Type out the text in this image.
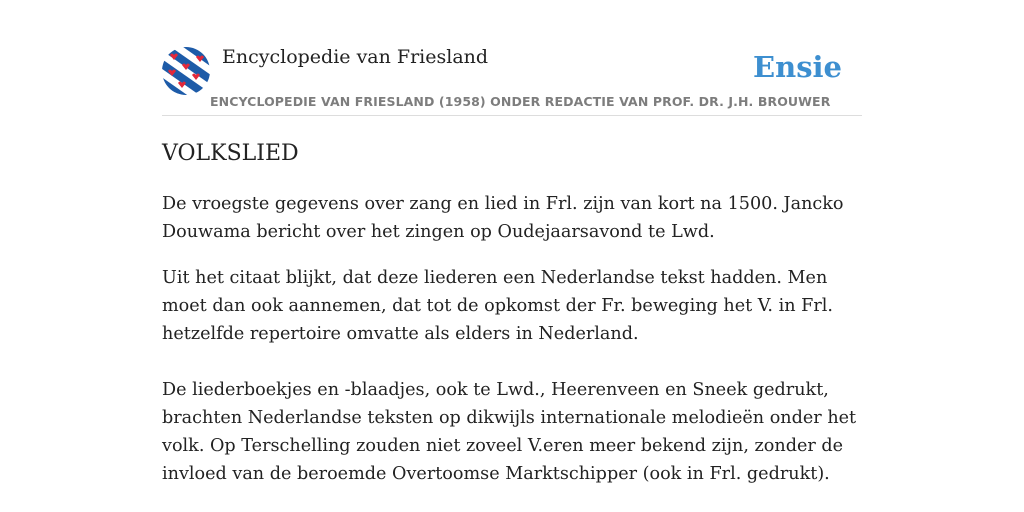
Encyclopedie van Friesland	Ensie
ENCYCLOPEDIE VAN FRIESLAND (1958) ONDER REDACTIE VAN PROF. DR. J.H. BROUWER
VOLKSLIED

De vroegste gegevens over zang en lied in Frl. zijn van kort na 1500. Jancko Douwama bericht over het zingen op Oudejaarsavond te Lwd.

Uit het citaat blijkt, dat deze liederen een Nederlandse tekst hadden. Men moet dan ook aannemen, dat tot de opkomst der Fr. beweging het V. in Frl. hetzelfde repertoire omvatte als elders in Nederland.

De liederboekjes en -blaadjes, ook te Lwd., Heerenveen en Sneek gedrukt, brachten Nederlandse teksten op dikwijls internationale melodieën onder het volk. Op Terschelling zouden niet zoveel V.eren meer bekend zijn, zonder de invloed van de beroemde Overtoomse Marktschipper (ook in Frl. gedrukt).
